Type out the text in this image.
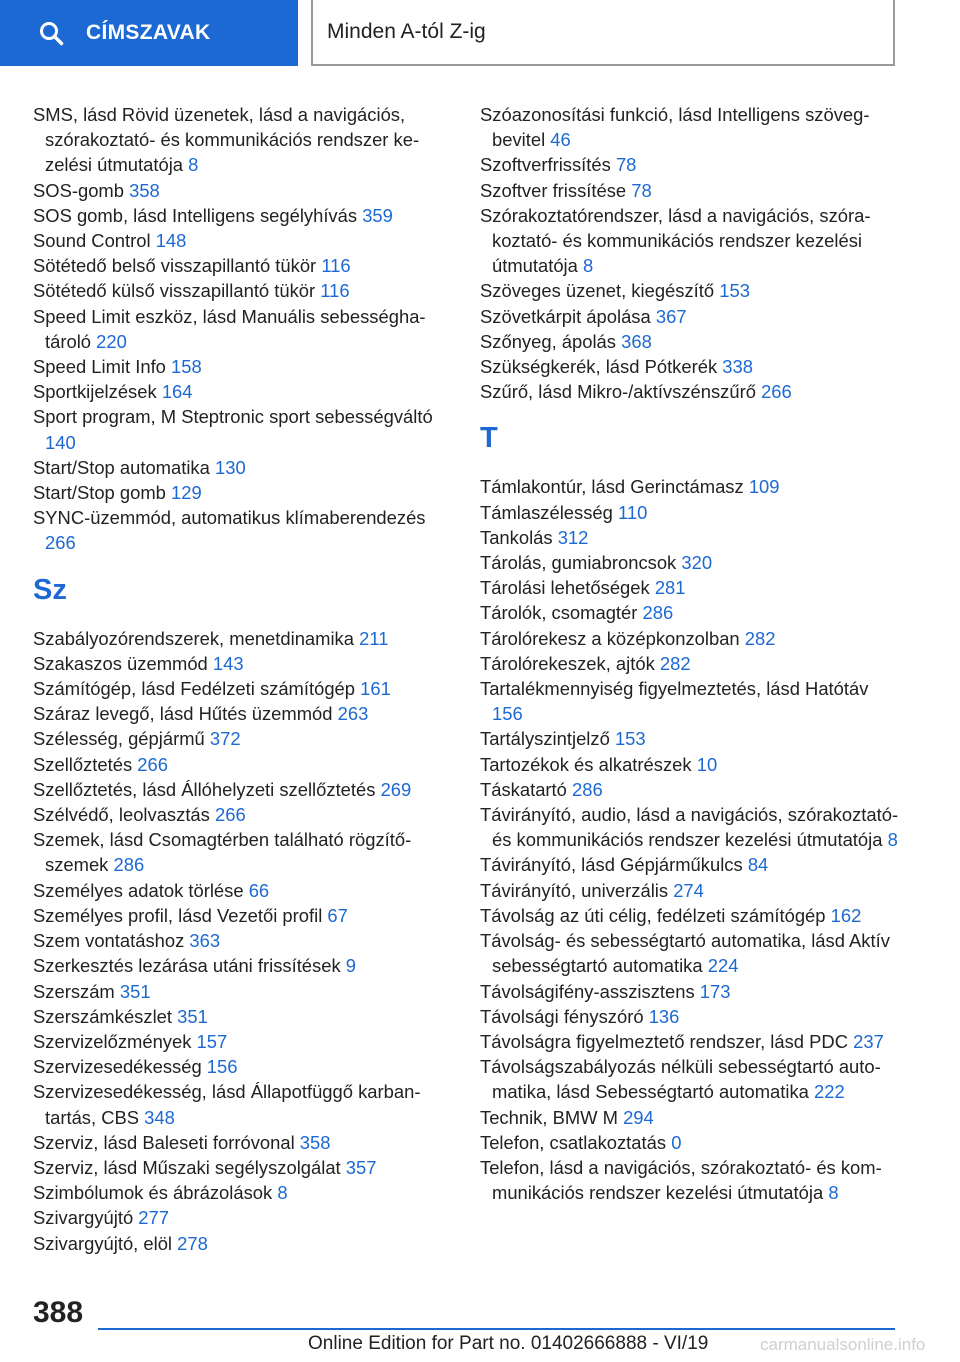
CÍMSZAVAK	Minden A-tól Z-ig
SMS, lásd Rövid üzenetek, lásd a navigációs, szórakoztató- és kommunikációs rendszer kezelési útmutatója 8
SOS-gomb 358
SOS gomb, lásd Intelligens segélyhívás 359
Sound Control 148
Sötétedő belső visszapillantó tükör 116
Sötétedő külső visszapillantó tükör 116
Speed Limit eszköz, lásd Manuális sebességhatároló 220
Speed Limit Info 158
Sportkijelzések 164
Sport program, M Steptronic sport sebességváltó 140
Start/Stop automatika 130
Start/Stop gomb 129
SYNC-üzemmód, automatikus klímaberendezés 266
Sz
Szabályozórendszerek, menetdinamika 211
Szakaszos üzemmód 143
Számítógép, lásd Fedélzeti számítógép 161
Száraz levegő, lásd Hűtés üzemmód 263
Szélesség, gépjármű 372
Szellőztetés 266
Szellőztetés, lásd Állóhelyzeti szellőztetés 269
Szélvédő, leolvasztás 266
Szemek, lásd Csomagtérben található rögzítőszemek 286
Személyes adatok törlése 66
Személyes profil, lásd Vezetői profil 67
Szem vontatáshoz 363
Szerkesztés lezárása utáni frissítések 9
Szerszám 351
Szerszámkészlet 351
Szervizelőzmények 157
Szervizesedékesség 156
Szervizesedékesség, lásd Állapotfüggő karbantartás, CBS 348
Szerviz, lásd Baleseti forróvonal 358
Szerviz, lásd Műszaki segélyszolgálat 357
Szimbólumok és ábrázolások 8
Szivargyújtó 277
Szivargyújtó, elöl 278
Szóazonosítási funkció, lásd Intelligens szövegbevitel 46
Szoftverfrissítés 78
Szoftver frissítése 78
Szórakoztatórendszer, lásd a navigációs, szórakoztató- és kommunikációs rendszer kezelési útmutatója 8
Szöveges üzenet, kiegészítő 153
Szövetkárpit ápolása 367
Szőnyeg, ápolás 368
Szükségkerék, lásd Pótkerék 338
Szűrő, lásd Mikro-/aktívszénszűrő 266
T
Támlakontúr, lásd Gerinctámasz 109
Támlaszélesség 110
Tankolás 312
Tárolás, gumiabroncsok 320
Tárolási lehetőségek 281
Tárolók, csomagtér 286
Tárolórekesz a középkonzolban 282
Tárolórekeszek, ajtók 282
Tartalékmennyiség figyelmeztetés, lásd Hatótáv 156
Tartályszintjelző 153
Tartozékok és alkatrészek 10
Táskatartó 286
Távirányító, audio, lásd a navigációs, szórakoztató- és kommunikációs rendszer kezelési útmutatója 8
Távirányító, lásd Gépjárműkulcs 84
Távirányító, univerzális 274
Távolság az úti célig, fedélzeti számítógép 162
Távolság- és sebességtartó automatika, lásd Aktív sebességtartó automatika 224
Távolságifény-asszisztens 173
Távolsági fényszóró 136
Távolságra figyelmeztető rendszer, lásd PDC 237
Távolságszabályozás nélküli sebességtartó automatika, lásd Sebességtartó automatika 222
Technik, BMW M 294
Telefon, csatlakoztatás 0
Telefon, lásd a navigációs, szórakoztató- és kommunikációs rendszer kezelési útmutatója 8
388
Online Edition for Part no. 01402666888 - VI/19	carmanualsonline.info
